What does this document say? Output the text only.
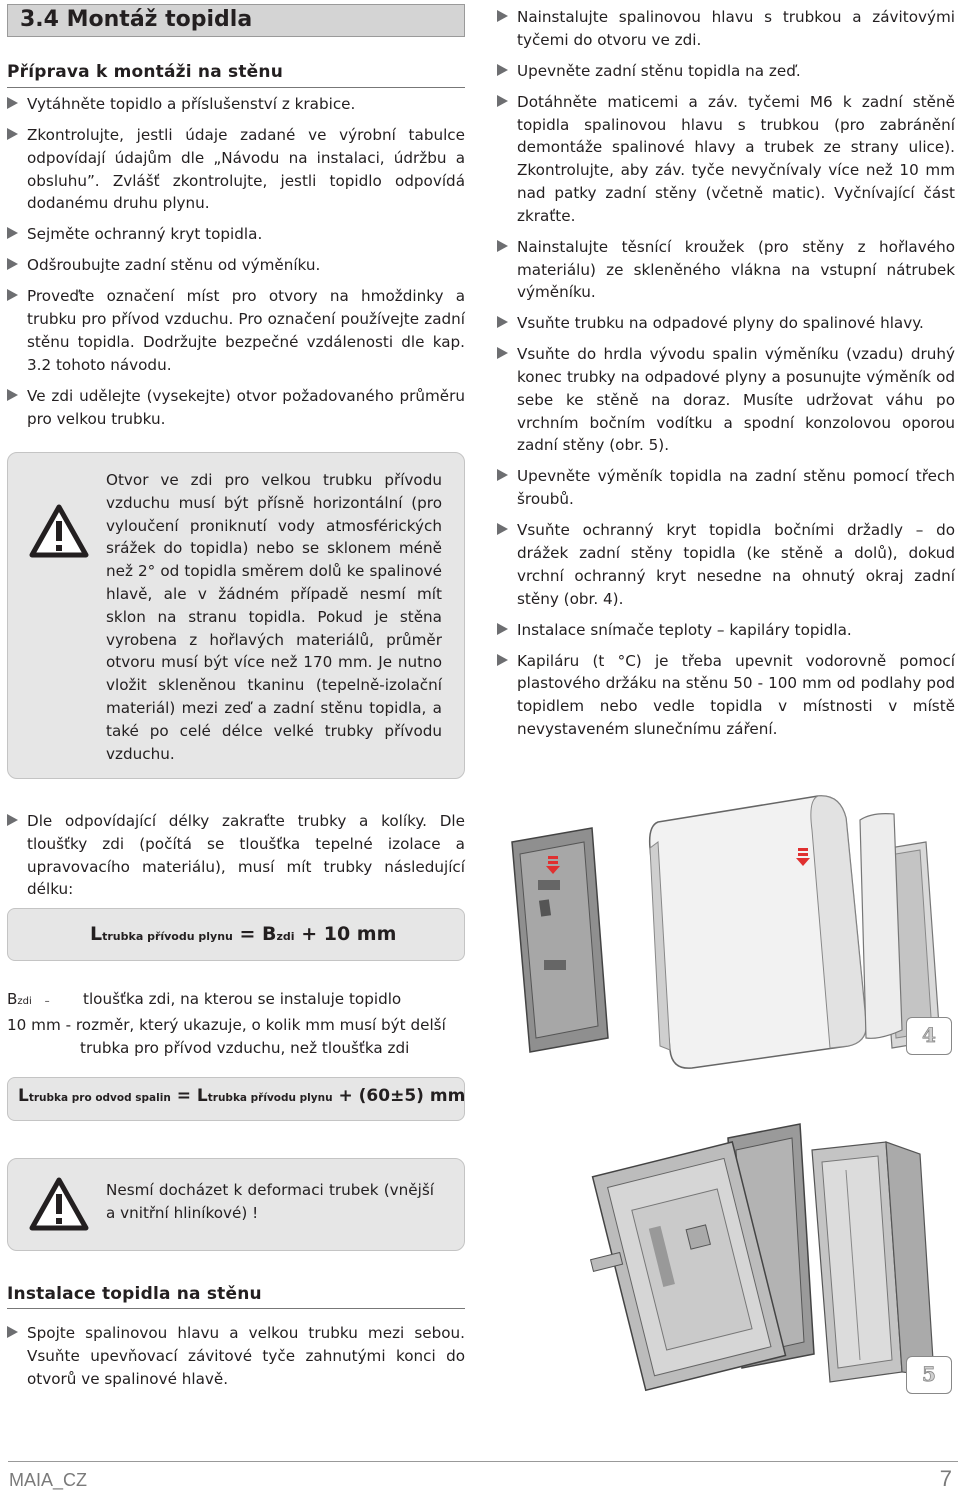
3.4 Montáž topidla
Příprava k montáži na stěnu
Vytáhněte topidlo a příslušenství z krabice.
Zkontrolujte, jestli údaje zadané ve výrobní tabulce odpovídají údajům dle „Návodu na instalaci, údržbu a obsluhu”. Zvlášť zkontrolujte, jestli topidlo odpovídá dodanému druhu plynu.
Sejměte ochranný kryt topidla.
Odšroubujte zadní stěnu od výměníku.
Proveďte označení míst pro otvory na hmoždinky a trubku pro přívod vzduchu. Pro označení používejte zadní stěnu topidla. Dodržujte bezpečné vzdálenosti dle kap. 3.2 tohoto návodu.
Ve zdi udělejte (vysekejte) otvor požadovaného průměru pro velkou trubku.
Otvor ve zdi pro velkou trubku přívodu vzduchu musí být přísně horizontální (pro vyloučení proniknutí vody atmosférických srážek do topidla) nebo se sklonem méně než 2° od topidla směrem dolů ke spalinové hlavě, ale v žádném případě nesmí mít sklon na stranu topidla. Pokud je stěna vyrobena z hořlavých materiálů, průměr otvoru musí být více než 170 mm. Je nutno vložit skleněnou tkaninu (tepelně-izolační materiál) mezi zeď a zadní stěnu topidla, a také po celé délce velké trubky přívodu vzduchu.
Dle odpovídající délky zakraťte trubky a kolíky. Dle tloušťky zdi (počítá se tloušťka tepelné izolace a upravovacího materiálu), musí mít trubky následující délku:
Ltrubka přívodu plynu = Bzdi + 10 mm
Bzdi – tloušťka zdi, na kterou se instaluje topidlo
10 mm - rozměr, který ukazuje, o kolik mm musí být delší
trubka pro přívod vzduchu, než tloušťka zdi
Ltrubka pro odvod spalin = Ltrubka přívodu plynu + (60±5) mm
Nesmí docházet k deformaci trubek (vnější a vnitřní hliníkové) !
Instalace topidla na stěnu
Spojte spalinovou hlavu a velkou trubku mezi sebou. Vsuňte upevňovací závitové tyče zahnutými konci do otvorů ve spalinové hlavě.
Nainstalujte spalinovou hlavu s trubkou a závitovými tyčemi do otvoru ve zdi.
Upevněte zadní stěnu topidla na zeď.
Dotáhněte maticemi a záv. tyčemi M6 k zadní stěně topidla spalinovou hlavu s trubkou (pro zabránění demontáže spalinové hlavy a trubek ze strany ulice). Zkontrolujte, aby záv. tyče nevyčnívaly více než 10 mm nad patky zadní stěny (včetně matic). Vyčnívající část zkraťte.
Nainstalujte těsnící kroužek (pro stěny z hořlavého materiálu) ze skleněného vlákna na vstupní nátrubek výměníku.
Vsuňte trubku na odpadové plyny do spalinové hlavy.
Vsuňte do hrdla vývodu spalin výměníku (vzadu) druhý konec trubky na odpadové plyny a posunujte výměník od sebe ke stěně na doraz. Musíte udržovat váhu po vrchním bočním vodítku a spodní konzolovou oporou zadní stěny (obr. 5).
Upevněte výměník topidla na zadní stěnu pomocí třech šroubů.
Vsuňte ochranný kryt topidla bočními držadly – do drážek zadní stěny topidla (ke stěně a dolů), dokud vrchní ochranný kryt nesedne na ohnutý okraj zadní stěny (obr. 4).
Instalace snímače teploty – kapiláry topidla.
Kapiláru (t °C) je třeba upevnit vodorovně pomocí plastového držáku na stěnu 50 - 100 mm od podlahy pod topidlem nebo vedle topidla v místnosti v místě nevystaveném slunečnímu záření.
4
5
MAIA_CZ	7
